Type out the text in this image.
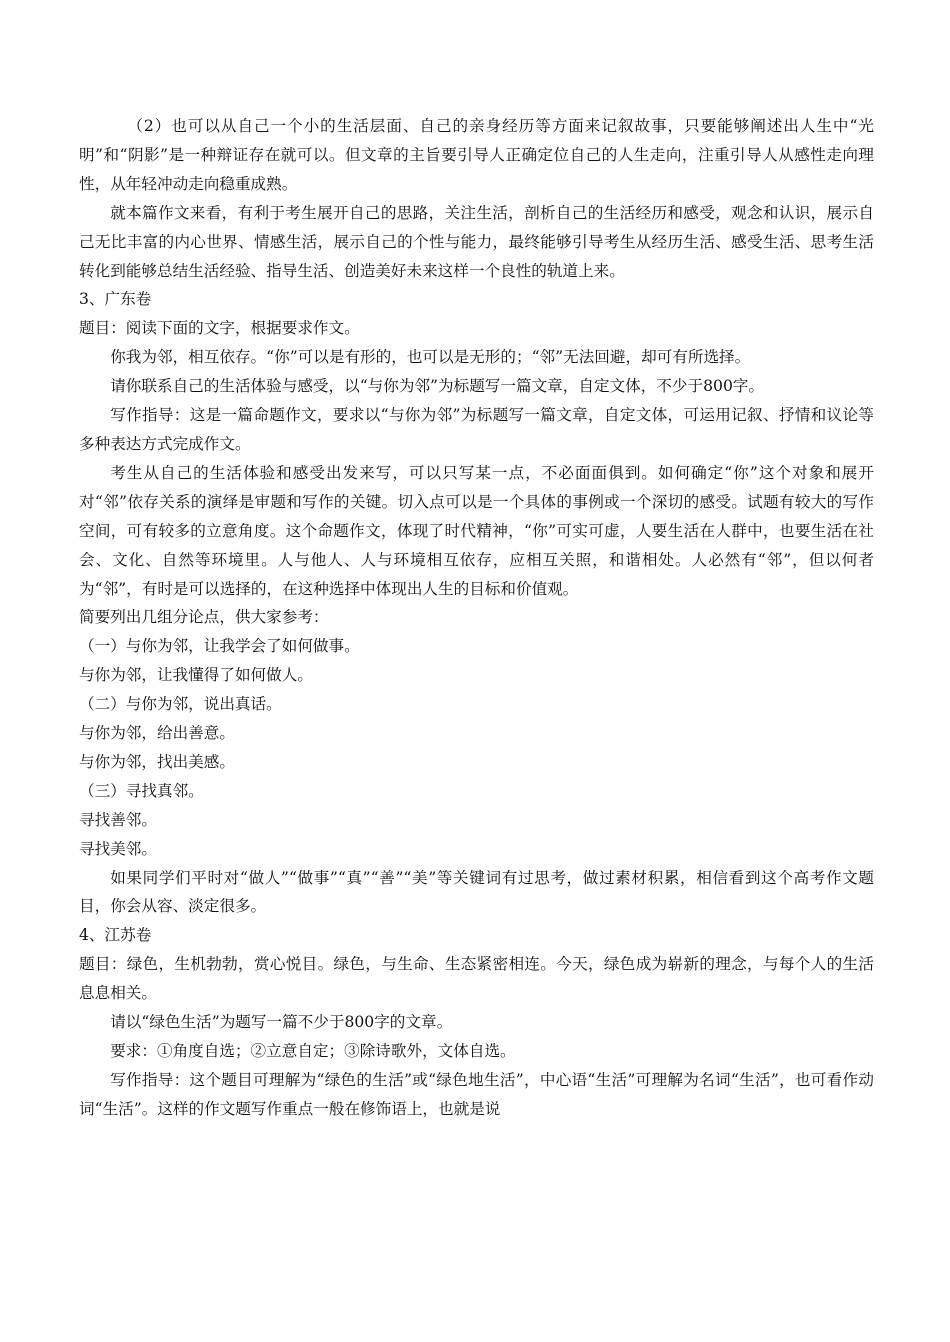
（2）也可以从自己一个小的生活层面、自己的亲身经历等方面来记叙故事，只要能够阐述出人生中“光明”和“阴影”是一种辩证存在就可以。但文章的主旨要引导人正确定位自己的人生走向，注重引导人从感性走向理性，从年轻冲动走向稳重成熟。

就本篇作文来看，有利于考生展开自己的思路，关注生活，剖析自己的生活经历和感受，观念和认识，展示自己无比丰富的内心世界、情感生活，展示自己的个性与能力，最终能够引导考生从经历生活、感受生活、思考生活转化到能够总结生活经验、指导生活、创造美好未来这样一个良性的轨道上来。

3、广东卷

题目：阅读下面的文字，根据要求作文。

你我为邻，相互依存。“你”可以是有形的，也可以是无形的；“邻”无法回避，却可有所选择。

请你联系自己的生活体验与感受，以“与你为邻”为标题写一篇文章，自定文体，不少于800字。

写作指导：这是一篇命题作文，要求以“与你为邻”为标题写一篇文章，自定文体，可运用记叙、抒情和议论等多种表达方式完成作文。

考生从自己的生活体验和感受出发来写，可以只写某一点，不必面面俱到。如何确定“你”这个对象和展开对“邻”依存关系的演绎是审题和写作的关键。切入点可以是一个具体的事例或一个深切的感受。试题有较大的写作空间，可有较多的立意角度。这个命题作文，体现了时代精神，“你”可实可虚，人要生活在人群中，也要生活在社会、文化、自然等环境里。人与他人、人与环境相互依存，应相互关照，和谐相处。人必然有“邻”，但以何者为“邻”，有时是可以选择的，在这种选择中体现出人生的目标和价值观。

简要列出几组分论点，供大家参考：

（一）与你为邻，让我学会了如何做事。

与你为邻，让我懂得了如何做人。

（二）与你为邻，说出真话。

与你为邻，给出善意。

与你为邻，找出美感。

（三）寻找真邻。

寻找善邻。

寻找美邻。

如果同学们平时对“做人”“做事”“真”“善”“美”等关键词有过思考，做过素材积累，相信看到这个高考作文题目，你会从容、淡定很多。

4、江苏卷

题目：绿色，生机勃勃，赏心悦目。绿色，与生命、生态紧密相连。今天，绿色成为崭新的理念，与每个人的生活息息相关。

请以“绿色生活”为题写一篇不少于800字的文章。

要求：①角度自选；②立意自定；③除诗歌外，文体自选。

写作指导：这个题目可理解为“绿色的生活”或“绿色地生活”，中心语“生活”可理解为名词“生活”，也可看作动词“生活”。这样的作文题写作重点一般在修饰语上，也就是说
